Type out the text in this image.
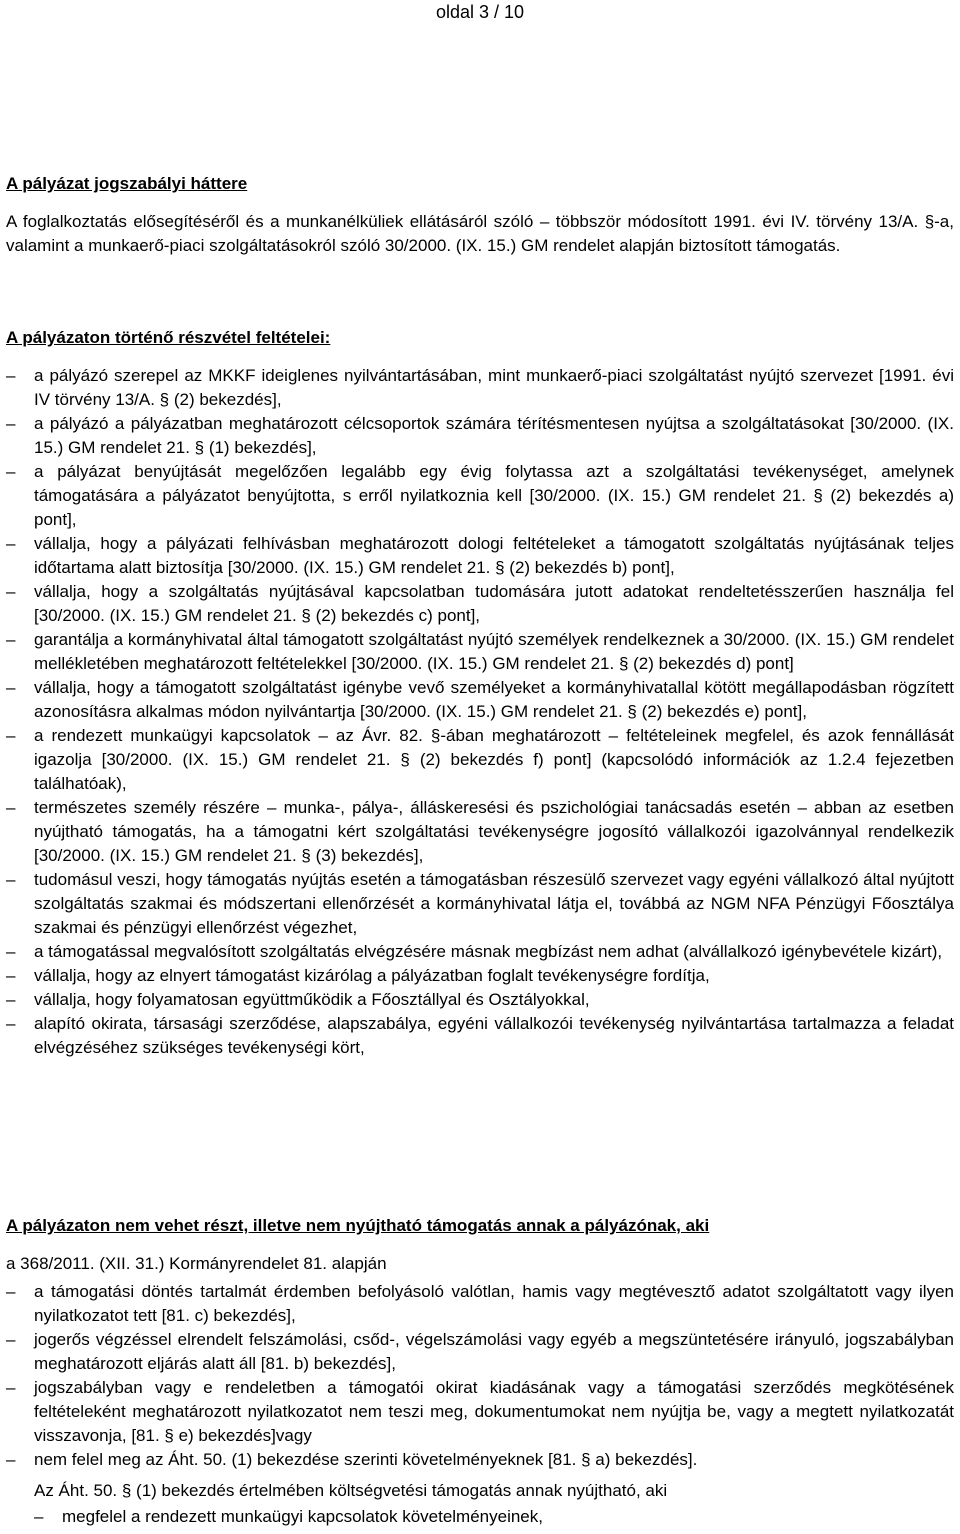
oldal 3 / 10

A pályázat jogszabályi háttere

A foglalkoztatás elősegítéséről és a munkanélküliek ellátásáról szóló – többször módosított 1991. évi IV. törvény 13/A. §-a, valamint a munkaerő-piaci szolgáltatásokról szóló 30/2000. (IX. 15.) GM rendelet alapján biztosított támogatás.

A pályázaton történő részvétel feltételei:

–	a pályázó szerepel az MKKF ideiglenes nyilvántartásában, mint munkaerő-piaci szolgáltatást nyújtó szervezet [1991. évi IV törvény 13/A. § (2) bekezdés],
–	a pályázó a pályázatban meghatározott célcsoportok számára térítésmentesen nyújtsa a szolgáltatásokat [30/2000. (IX. 15.) GM rendelet 21. § (1) bekezdés],
–	a pályázat benyújtását megelőzően legalább egy évig folytassa azt a szolgáltatási tevékenységet, amelynek támogatására a pályázatot benyújtotta, s erről nyilatkoznia kell [30/2000. (IX. 15.) GM rendelet 21. § (2) bekezdés a) pont],
–	vállalja, hogy a pályázati felhívásban meghatározott dologi feltételeket a támogatott szolgáltatás nyújtásának teljes időtartama alatt biztosítja [30/2000. (IX. 15.) GM rendelet 21. § (2) bekezdés b) pont],
–	vállalja, hogy a szolgáltatás nyújtásával kapcsolatban tudomására jutott adatokat rendeltetésszerűen használja fel [30/2000. (IX. 15.) GM rendelet 21. § (2) bekezdés c) pont],
–	garantálja a kormányhivatal által támogatott szolgáltatást nyújtó személyek rendelkeznek a 30/2000. (IX. 15.) GM rendelet mellékletében meghatározott feltételekkel [30/2000. (IX. 15.) GM rendelet 21. § (2) bekezdés d) pont]
–	vállalja, hogy a támogatott szolgáltatást igénybe vevő személyeket a kormányhivatallal kötött megállapodásban rögzített azonosításra alkalmas módon nyilvántartja [30/2000. (IX. 15.) GM rendelet 21. § (2) bekezdés e) pont],
–	a rendezett munkaügyi kapcsolatok – az Ávr. 82. §-ában meghatározott – feltételeinek megfelel, és azok fennállását igazolja [30/2000. (IX. 15.) GM rendelet 21. § (2) bekezdés f) pont] (kapcsolódó információk az 1.2.4 fejezetben találhatóak),
–	természetes személy részére – munka-, pálya-, álláskeresési és pszichológiai tanácsadás esetén – abban az esetben nyújtható támogatás, ha a támogatni kért szolgáltatási tevékenységre jogosító vállalkozói igazolvánnyal rendelkezik [30/2000. (IX. 15.) GM rendelet 21. § (3) bekezdés],
–	tudomásul veszi, hogy támogatás nyújtás esetén a támogatásban részesülő szervezet vagy egyéni vállalkozó által nyújtott szolgáltatás szakmai és módszertani ellenőrzését a kormányhivatal látja el, továbbá az NGM NFA Pénzügyi Főosztálya szakmai és pénzügyi ellenőrzést végezhet,
–	a támogatással megvalósított szolgáltatás elvégzésére másnak megbízást nem adhat (alvállalkozó igénybevétele kizárt),
–	vállalja, hogy az elnyert támogatást kizárólag a pályázatban foglalt tevékenységre fordítja,
–	vállalja, hogy folyamatosan együttműködik a Főosztállyal és Osztályokkal,
–	alapító okirata, társasági szerződése, alapszabálya, egyéni vállalkozói tevékenység nyilvántartása tartalmazza a feladat elvégzéséhez szükséges tevékenységi kört,

A pályázaton nem vehet részt, illetve nem nyújtható támogatás annak a pályázónak, aki

a 368/2011. (XII. 31.) Kormányrendelet 81. alapján

–	a támogatási döntés tartalmát érdemben befolyásoló valótlan, hamis vagy megtévesztő adatot szolgáltatott vagy ilyen nyilatkozatot tett [81. c) bekezdés],
–	jogerős végzéssel elrendelt felszámolási, csőd-, végelszámolási vagy egyéb a megszüntetésére irányuló, jogszabályban meghatározott eljárás alatt áll [81. b) bekezdés],
–	jogszabályban vagy e rendeletben a támogatói okirat kiadásának vagy a támogatási szerződés megkötésének feltételeként meghatározott nyilatkozatot nem teszi meg, dokumentumokat nem nyújtja be, vagy a megtett nyilatkozatát visszavonja, [81. § e) bekezdés]vagy
–	nem felel meg az Áht. 50. (1) bekezdése szerinti követelményeknek [81. § a) bekezdés].

Az Áht. 50. § (1) bekezdés értelmében költségvetési támogatás annak nyújtható, aki

–	megfelel a rendezett munkaügyi kapcsolatok követelményeinek,
